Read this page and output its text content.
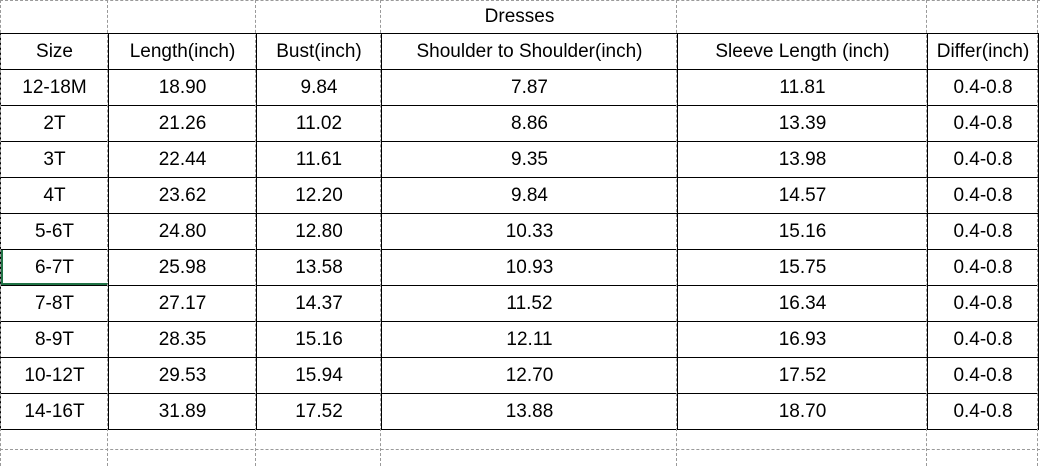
Dresses					
Size	Length(inch)	Bust(inch)	Shoulder to Shoulder(inch)	Sleeve Length (inch)	Differ(inch)
12-18M	18.90	9.84	7.87	11.81	0.4-0.8
2T	21.26	11.02	8.86	13.39	0.4-0.8
3T	22.44	11.61	9.35	13.98	0.4-0.8
4T	23.62	12.20	9.84	14.57	0.4-0.8
5-6T	24.80	12.80	10.33	15.16	0.4-0.8
6-7T	25.98	13.58	10.93	15.75	0.4-0.8
7-8T	27.17	14.37	11.52	16.34	0.4-0.8
8-9T	28.35	15.16	12.11	16.93	0.4-0.8
10-12T	29.53	15.94	12.70	17.52	0.4-0.8
14-16T	31.89	17.52	13.88	18.70	0.4-0.8
